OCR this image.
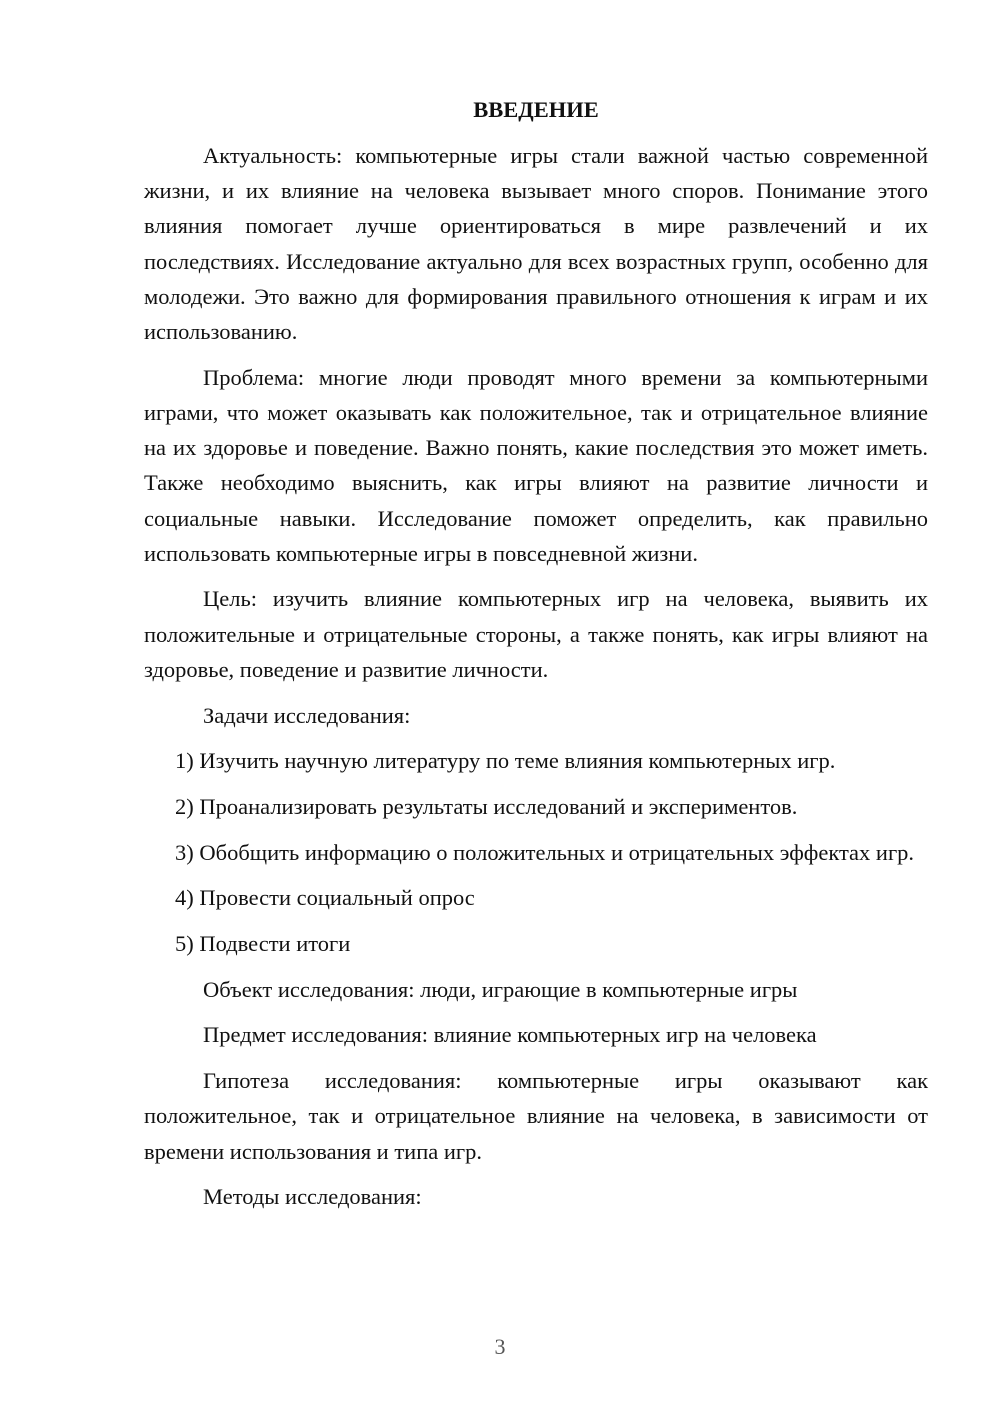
ВВЕДЕНИЕ

Актуальность: компьютерные игры стали важной частью современной жизни, и их влияние на человека вызывает много споров. Понимание этого влияния помогает лучше ориентироваться в мире развлечений и их последствиях. Исследование актуально для всех возрастных групп, особенно для молодежи. Это важно для формирования правильного отношения к играм и их использованию.

Проблема: многие люди проводят много времени за компьютерными играми, что может оказывать как положительное, так и отрицательное влияние на их здоровье и поведение. Важно понять, какие последствия это может иметь. Также необходимо выяснить, как игры влияют на развитие личности и социальные навыки. Исследование поможет определить, как правильно использовать компьютерные игры в повседневной жизни.

Цель: изучить влияние компьютерных игр на человека, выявить их положительные и отрицательные стороны, а также понять, как игры влияют на здоровье, поведение и развитие личности.

Задачи исследования:

1) Изучить научную литературу по теме влияния компьютерных игр.

2) Проанализировать результаты исследований и экспериментов.

3) Обобщить информацию о положительных и отрицательных эффектах игр.

4) Провести социальный опрос

5) Подвести итоги

Объект исследования: люди, играющие в компьютерные игры

Предмет исследования: влияние компьютерных игр на человека

Гипотеза исследования: компьютерные игры оказывают как положительное, так и отрицательное влияние на человека, в зависимости от времени использования и типа игр.

Методы исследования:

3
